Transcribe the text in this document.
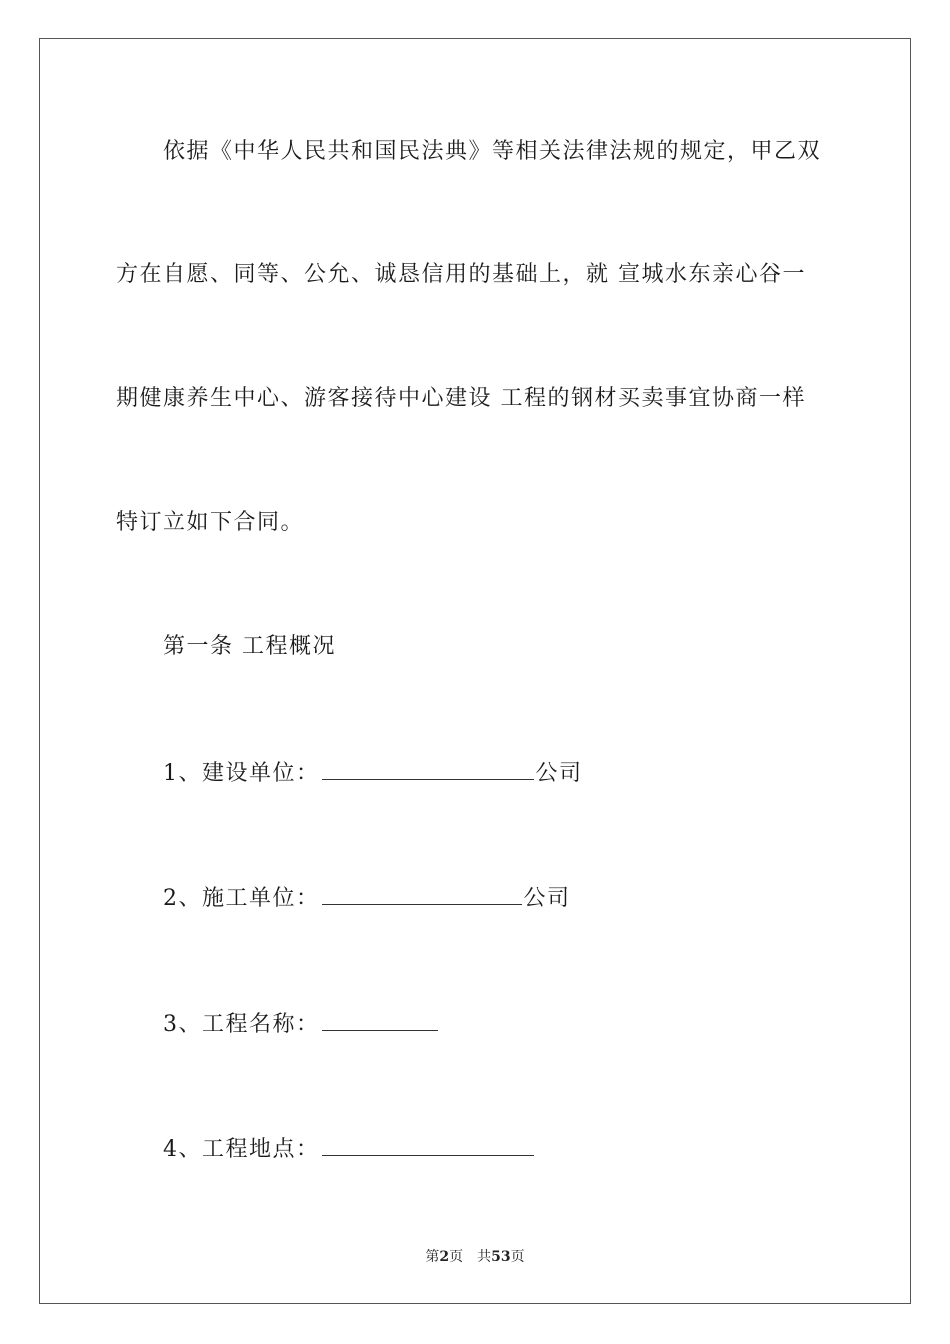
依据《中华人民共和国民法典》等相关法律法规的规定，甲乙双
方在自愿、同等、公允、诚恳信用的基础上，就 宣城水东亲心谷一
期健康养生中心、游客接待中心建设 工程的钢材买卖事宜协商一样
特订立如下合同。
第一条 工程概况
1、建设单位：	公司
2、施工单位：	公司
3、工程名称：
4、工程地点：
第2页 共53页
